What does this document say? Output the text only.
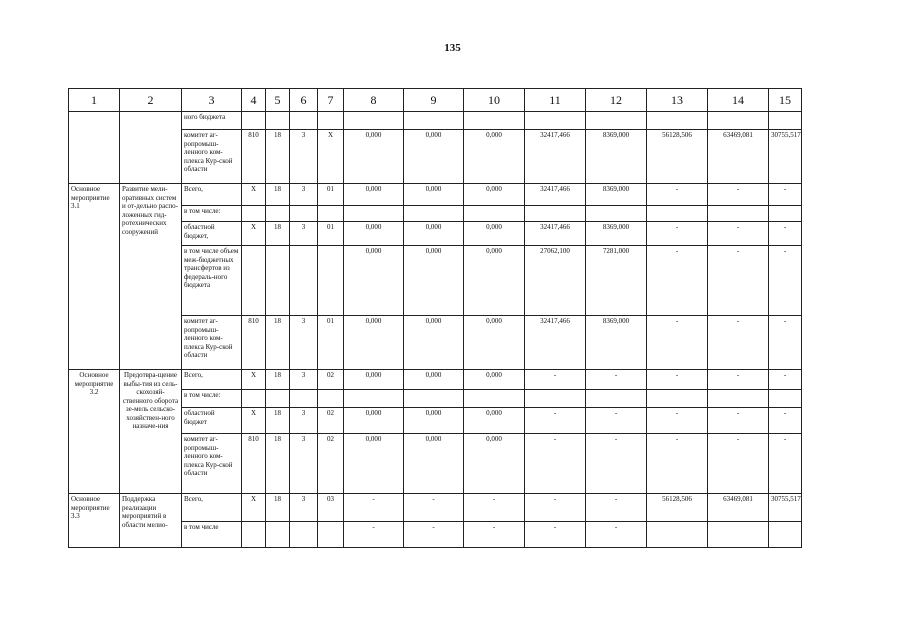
135
1	2	3	4	5	6	7	8	9	10	11	12	13	14	15
		ного бюджета												
		комитет аг-ропромыш-ленного ком-плекса Кур-ской области	810	18	3	X	0,000	0,000	0,000	32417,466	8369,000	56128,506	63469,081	30755,517
Основное мероприятие 3.1	Развитие мели-оративных систем и от-дельно распо-ложенных гид-ротехнических сооружений	Всего,	X	18	3	01	0,000	0,000	0,000	32417,466	8369,000	-	-	-
		в том числе:												
		областной бюджет,	X	18	3	01	0,000	0,000	0,000	32417,466	8369,000	-	-	-
		в том числе объем меж-бюджетных трансфертов из федераль-ного бюджета					0,000	0,000	0,000	27062,100	7281,000	-	-	-
		комитет аг-ропромыш-ленного ком-плекса Кур-ской области	810	18	3	01	0,000	0,000	0,000	32417,466	8369,000	-	-	-
Основное мероприятие 3.2	Предотвра-щение выбы-тия из сель-скохозяй-ственного оборота зе-мель сельско-хозяйствен-ного назначе-ния	Всего,	X	18	3	02	0,000	0,000	0,000	-	-	-	-	-
		в том числе:												
		областной бюджет	X	18	3	02	0,000	0,000	0,000	-	-	-	-	-
		комитет аг-ропромыш-ленного ком-плекса Кур-ской области	810	18	3	02	0,000	0,000	0,000	-	-	-	-	-
Основное мероприятие 3.3	Поддержка реализации мероприятий в области мелио-	Всего,	X	18	3	03	-	-	-	-	-	56128,506	63469,081	30755,517
		в том числе					-	-	-	-	-			
